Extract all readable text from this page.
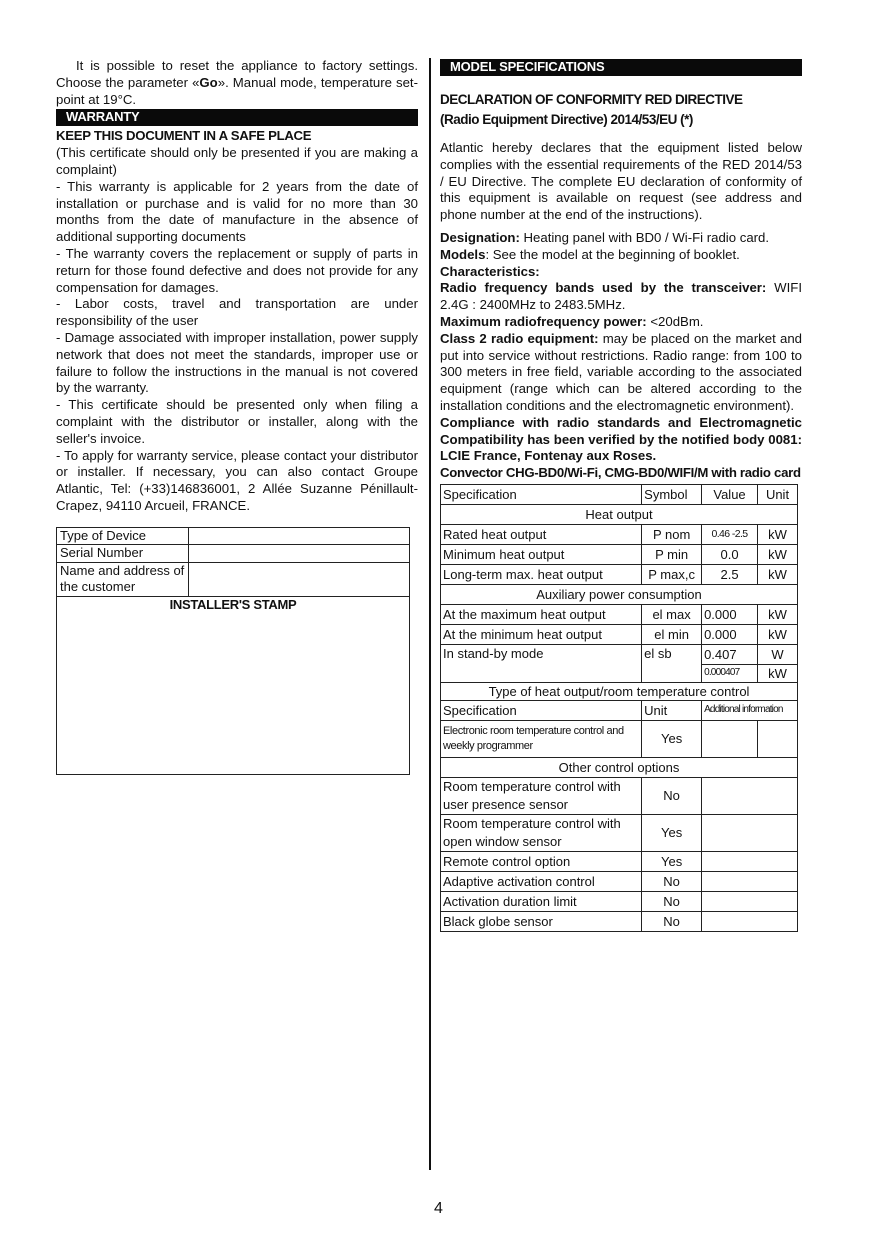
It is possible to reset the appliance to factory settings. Choose the parameter «Go». Manual mode, temperature set-point at 19°C.

WARRANTY
KEEP THIS DOCUMENT IN A SAFE PLACE

(This certificate should only be presented if you are making a complaint)

- This warranty is applicable for 2 years from the date of installation or purchase and is valid for no more than 30 months from the date of manufacture in the absence of additional supporting documents

- The warranty covers the replacement or supply of parts in return for those found defective and does not provide for any compensation for damages.

- Labor costs, travel and transportation are under responsibility of the user

- Damage associated with improper installation, power supply network that does not meet the standards, improper use or failure to follow the instructions in the manual is not covered by the warranty.

- This certificate should be presented only when filing a complaint with the distributor or installer, along with the seller's invoice.

- To apply for warranty service, please contact your distributor or installer. If necessary, you can also contact Groupe Atlantic, Tel: (+33)146836001, 2 Allée Suzanne Pénillault-Crapez, 94110 Arcueil, FRANCE.

Type of Device	
Serial Number	
Name and address of the customer	
INSTALLER'S STAMP	
MODEL SPECIFICATIONS
DECLARATION OF CONFORMITY RED DIRECTIVE
(Radio Equipment Directive) 2014/53/EU (*)

Atlantic hereby declares that the equipment listed below complies with the essential requirements of the RED 2014/53 / EU Directive. The complete EU declaration of conformity of this equipment is available on request (see address and phone number at the end of the instructions).

Designation: Heating panel with BD0 / Wi-Fi radio card.

Models: See the model at the beginning of booklet.

Characteristics:

Radio frequency bands used by the transceiver: WIFI 2.4G : 2400MHz to 2483.5MHz.

Maximum radiofrequency power: <20dBm.

Class 2 radio equipment: may be placed on the market and put into service without restrictions. Radio range: from 100 to 300 meters in free field, variable according to the associated equipment (range which can be altered according to the installation conditions and the electromagnetic environment).

Compliance with radio standards and Electromagnetic Compatibility has been verified by the notified body 0081: LCIE France, Fontenay aux Roses.

Convector CHG-BD0/Wi-Fi, CMG-BD0/WIFI/M with radio card

Specification	Symbol	Value	Unit
Heat output			
Rated heat output	P nom	0.46 -2.5	kW
Minimum heat output	P min	0.0	kW
Long-term max. heat output	P max,c	2.5	kW
Auxiliary power consumption			
At the maximum heat output	el max	0.000	kW
At the minimum heat output	el min	0.000	kW
In stand-by mode	el sb	0.407	W
		0.000407	kW
Type of heat output/room temperature control			
Specification	Unit	Additional information	
Electronic room temperature control and weekly programmer	Yes		
Other control options			
Room temperature control with user presence sensor	No		
Room temperature control with open window sensor	Yes		
Remote control option	Yes		
Adaptive activation control	No		
Activation duration limit	No		
Black globe sensor	No		
4
